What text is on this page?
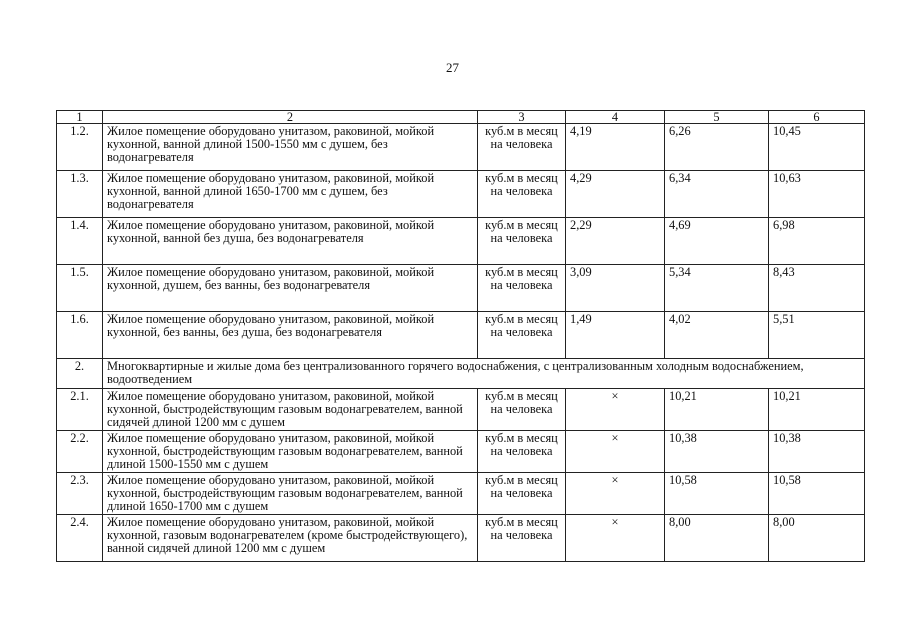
27
1	2	3	4	5	6
1.2.	Жилое помещение оборудовано унитазом, раковиной, мойкой кухонной, ванной длиной 1500-1550 мм с душем, без водонагревателя	куб.м в месяц на человека	4,19	6,26	10,45
1.3.	Жилое помещение оборудовано унитазом, раковиной, мойкой кухонной, ванной длиной 1650-1700 мм с душем, без водонагревателя	куб.м в месяц на человека	4,29	6,34	10,63
1.4.	Жилое помещение оборудовано унитазом, раковиной, мойкой кухонной, ванной без душа, без водонагревателя	куб.м в месяц на человека	2,29	4,69	6,98
1.5.	Жилое помещение оборудовано унитазом, раковиной, мойкой кухонной, душем, без ванны, без водонагревателя	куб.м в месяц на человека	3,09	5,34	8,43
1.6.	Жилое помещение оборудовано унитазом, раковиной, мойкой кухонной, без ванны, без душа, без водонагревателя	куб.м в месяц на человека	1,49	4,02	5,51
2.	Многоквартирные и жилые дома без централизованного горячего водоснабжения, с централизованным холодным водоснабжением, водоотведением				
2.1.	Жилое помещение оборудовано унитазом, раковиной, мойкой кухонной, быстродействующим газовым водонагревателем, ванной сидячей длиной 1200 мм с душем	куб.м в месяц на человека	×	10,21	10,21
2.2.	Жилое помещение оборудовано унитазом, раковиной, мойкой кухонной, быстродействующим газовым водонагревателем, ванной длиной 1500-1550 мм с душем	куб.м в месяц на человека	×	10,38	10,38
2.3.	Жилое помещение оборудовано унитазом, раковиной, мойкой кухонной, быстродействующим газовым водонагревателем, ванной длиной 1650-1700 мм с душем	куб.м в месяц на человека	×	10,58	10,58
2.4.	Жилое помещение оборудовано унитазом, раковиной, мойкой кухонной, газовым водонагревателем (кроме быстродействующего), ванной сидячей длиной 1200 мм с душем	куб.м в месяц на человека	×	8,00	8,00
